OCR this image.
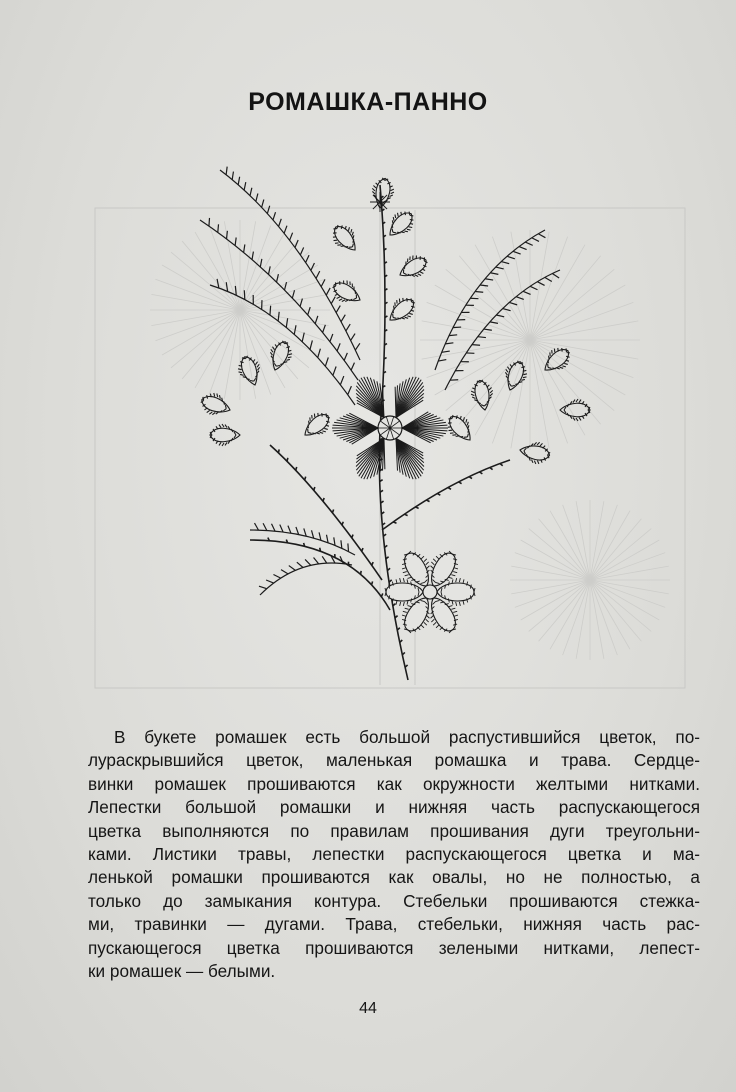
РОМАШКА-ПАННО
В букете ромашек есть большой распустившийся цветок, по-
лураскрывшийся цветок, маленькая ромашка и трава. Сердце-
винки ромашек прошиваются как окружности желтыми нитками.
Лепестки большой ромашки и нижняя часть распускающегося
цветка выполняются по правилам прошивания дуги треугольни-
ками. Листики травы, лепестки распускающегося цветка и ма-
ленькой ромашки прошиваются как овалы, но не полностью, а
только до замыкания контура. Стебельки прошиваются стежка-
ми, травинки — дугами. Трава, стебельки, нижняя часть рас-
пускающегося цветка прошиваются зелеными нитками, лепест-
ки ромашек — белыми.
44
